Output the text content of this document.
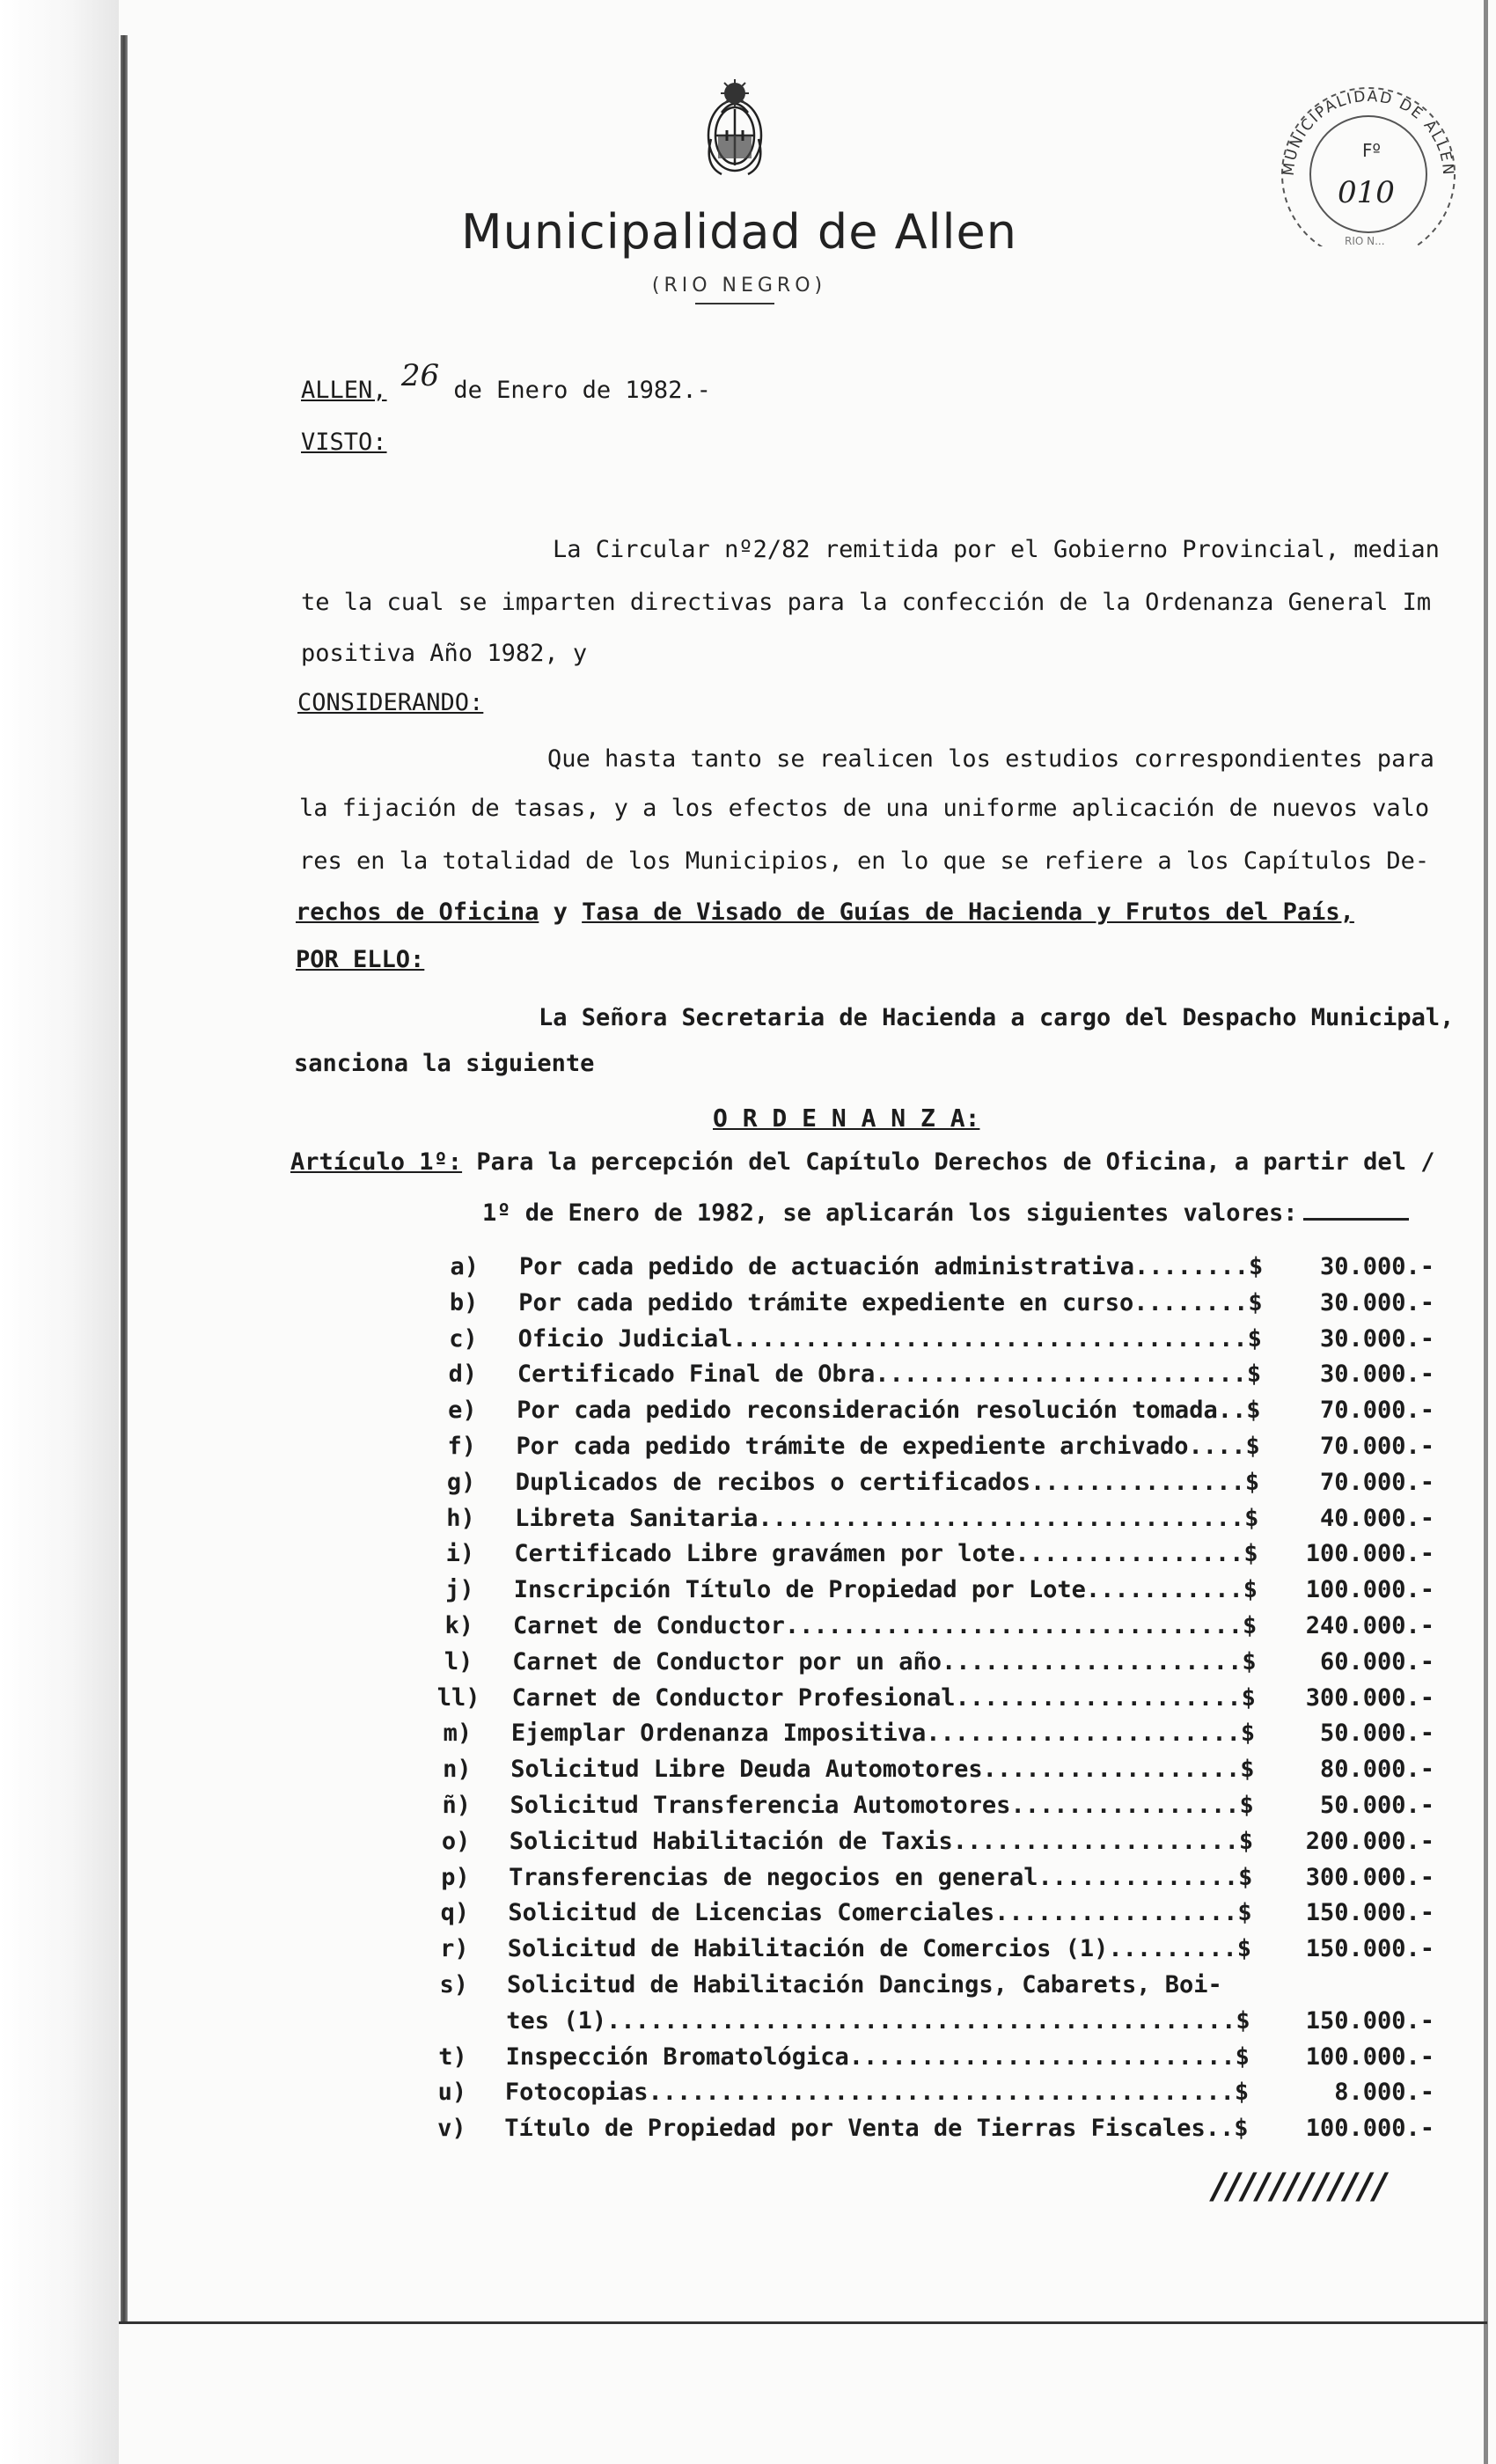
Municipalidad de Allen
(RIO NEGRO)
MUNICIPALIDAD DE ALLEN
Fº
010
RIO N...
ALLEN, 26 de Enero de 1982.-
VISTO:
La Circular nº2/82 remitida por el Gobierno Provincial, median
te la cual se imparten directivas para la confección de la Ordenanza General Im
positiva Año 1982, y
CONSIDERANDO:
Que hasta tanto se realicen los estudios correspondientes para
la fijación de tasas, y a los efectos de una uniforme aplicación de nuevos valo
res en la totalidad de los Municipios, en lo que se refiere a los Capítulos De-
rechos de Oficina y Tasa de Visado de Guías de Hacienda y Frutos del País,
POR ELLO:
La Señora Secretaria de Hacienda a cargo del Despacho Municipal,
sanciona la siguiente
O R D E N A N Z A:
Artículo 1º: Para la percepción del Capítulo Derechos de Oficina, a partir del /
1º de Enero de 1982, se aplicarán los siguientes valores:
a) Por cada pedido de actuación administrativa........$	30.000.-
b) Por cada pedido trámite expediente en curso........$	30.000.-
c) Oficio Judicial....................................$	30.000.-
d) Certificado Final de Obra..........................$	30.000.-
e) Por cada pedido reconsideración resolución tomada..$	70.000.-
f) Por cada pedido trámite de expediente archivado....$	70.000.-
g) Duplicados de recibos o certificados...............$	70.000.-
h) Libreta Sanitaria..................................$	40.000.-
i) Certificado Libre gravámen por lote................$	100.000.-
j) Inscripción Título de Propiedad por Lote...........$	100.000.-
k) Carnet de Conductor................................$	240.000.-
l) Carnet de Conductor por un año.....................$	60.000.-
ll) Carnet de Conductor Profesional....................$	300.000.-
m) Ejemplar Ordenanza Impositiva......................$	50.000.-
n) Solicitud Libre Deuda Automotores..................$	80.000.-
ñ) Solicitud Transferencia Automotores................$	50.000.-
o) Solicitud Habilitación de Taxis....................$	200.000.-
p) Transferencias de negocios en general..............$	300.000.-
q) Solicitud de Licencias Comerciales.................$	150.000.-
r) Solicitud de Habilitación de Comercios (1).........$	150.000.-
s) Solicitud de Habilitación Dancings, Cabarets, Boi-
tes (1)............................................$	150.000.-
t) Inspección Bromatológica...........................$	100.000.-
u) Fotocopias.........................................$	8.000.-
v) Título de Propiedad por Venta de Tierras Fiscales..$	100.000.-
////////////
